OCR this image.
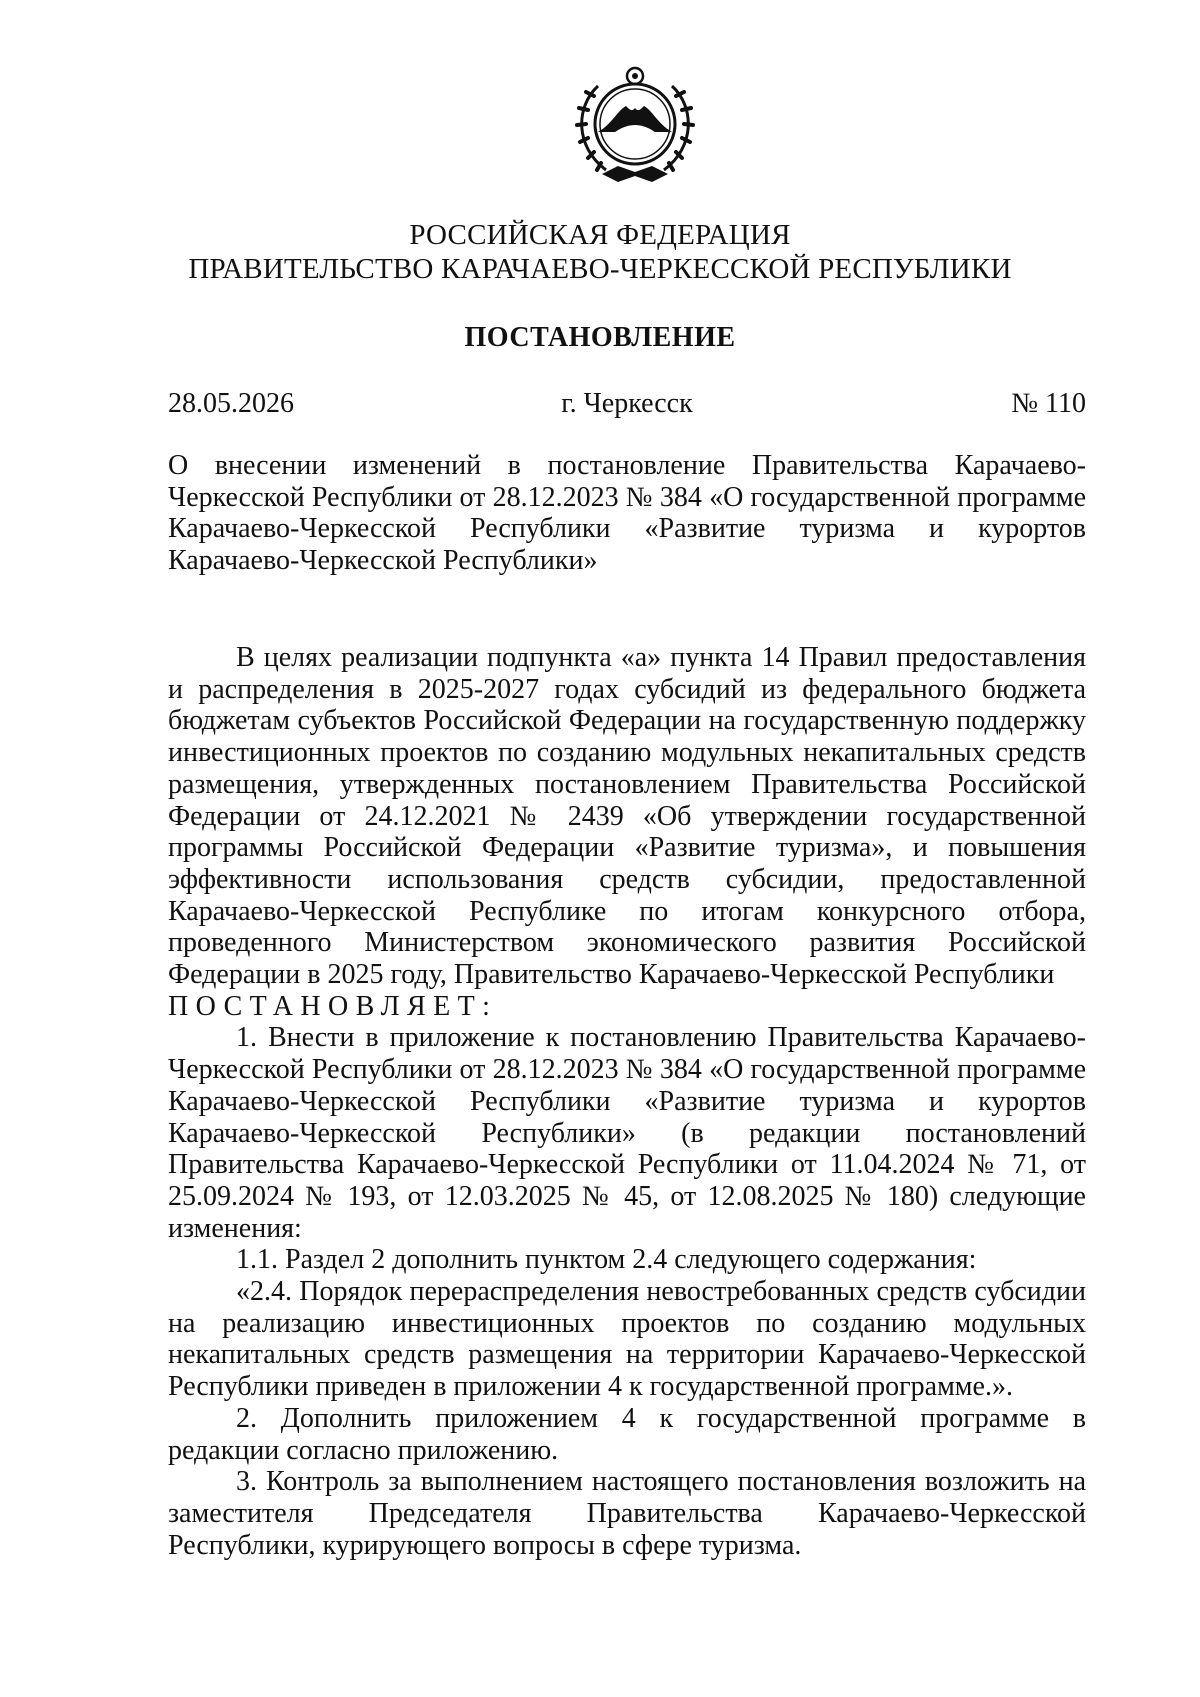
РОССИЙСКАЯ ФЕДЕРАЦИЯ
ПРАВИТЕЛЬСТВО КАРАЧАЕВО-ЧЕРКЕССКОЙ РЕСПУБЛИКИ
ПОСТАНОВЛЕНИЕ
г. Черкесск
28.05.2026	№ 110
О внесении изменений в постановление Правительства Карачаево-Черкесской Республики от 28.12.2023 № 384 «О государственной программе Карачаево-Черкесской Республики «Развитие туризма и курортов Карачаево-Черкесской Республики»

В целях реализации подпункта «а» пункта 14 Правил предоставления и распределения в 2025-2027 годах субсидий из федерального бюджета бюджетам субъектов Российской Федерации на государственную поддержку инвестиционных проектов по созданию модульных некапитальных средств размещения, утвержденных постановлением Правительства Российской Федерации от 24.12.2021 № 2439 «Об утверждении государственной программы Российской Федерации «Развитие туризма», и повышения эффективности использования средств субсидии, предоставленной Карачаево-Черкесской Республике по итогам конкурсного отбора, проведенного Министерством экономического развития Российской Федерации в 2025 году, Правительство Карачаево-Черкесской Республики

ПОСТАНОВЛЯЕТ:

1. Внести в приложение к постановлению Правительства Карачаево-Черкесской Республики от 28.12.2023 № 384 «О государственной программе Карачаево-Черкесской Республики «Развитие туризма и курортов Карачаево-Черкесской Республики» (в редакции постановлений Правительства Карачаево-Черкесской Республики от 11.04.2024 № 71, от 25.09.2024 № 193, от 12.03.2025 № 45, от 12.08.2025 № 180) следующие изменения:

1.1. Раздел 2 дополнить пунктом 2.4 следующего содержания:

«2.4. Порядок перераспределения невостребованных средств субсидии на реализацию инвестиционных проектов по созданию модульных некапитальных средств размещения на территории Карачаево-Черкесской Республики приведен в приложении 4 к государственной программе.».

2. Дополнить приложением 4 к государственной программе в редакции согласно приложению.

3. Контроль за выполнением настоящего постановления возложить на заместителя Председателя Правительства Карачаево-Черкесской Республики, курирующего вопросы в сфере туризма.
